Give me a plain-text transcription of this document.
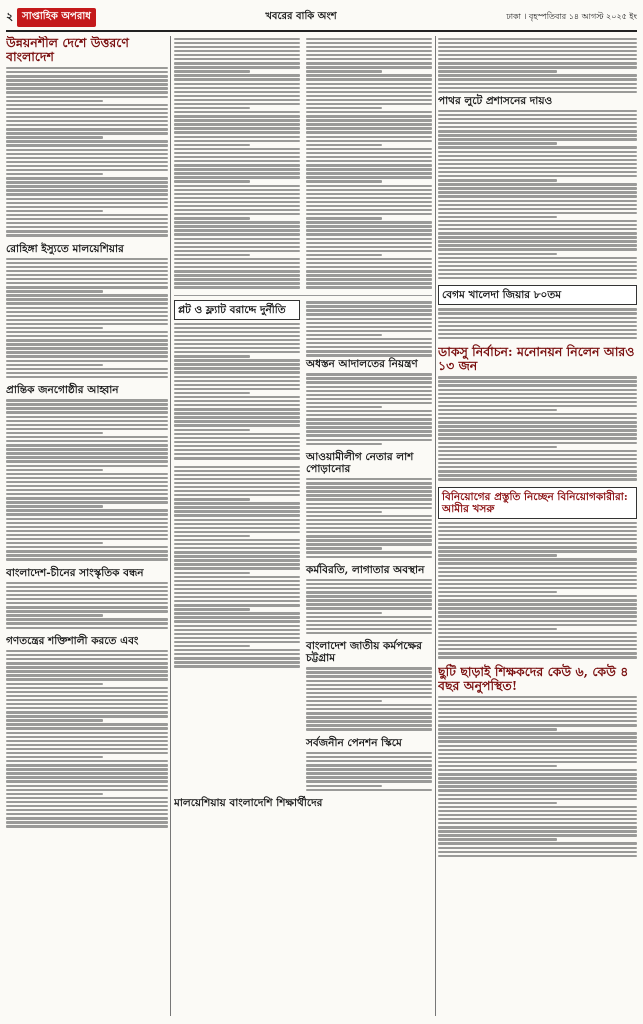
২ সাপ্তাহিক অপরাধ	খবরের বাকি অংশ	ঢাকা । বৃহস্পতিবার ১৪ আগস্ট ২০২৫ ইং
উন্নয়নশীল দেশে উত্তরণে বাংলাদেশ
রোহিঙ্গা ইস্যুতে মালয়েশিয়ার
প্রান্তিক জনগোষ্ঠীর আহ্বান
বাংলাদেশ-চীনের সাংস্কৃতিক বন্ধন
গণতন্ত্রের শক্তিশালী করতে এবং
প্লট ও ফ্ল্যাট বরাদ্দে দুর্নীতি
অধস্তন আদালতের নিয়ন্ত্রণ
আওয়ামীলীগ নেতার লাশ পোড়ানোর
কর্মবিরতি, লাগাতার অবস্থান
বাংলাদেশ জাতীয় কর্মপক্ষের চট্টগ্রাম
সর্বজনীন পেনশন স্কিমে
মালয়েশিয়ায় বাংলাদেশি শিক্ষার্থীদের
পাথর লুটে প্রশাসনের দায়ও
বেগম খালেদা জিয়ার ৮০তম
ডাকসু নির্বাচন: মনোনয়ন নিলেন আরও ১৩ জন
বিনিয়োগের প্রস্তুতি নিচ্ছেন বিনিয়োগকারীরা: আমীর খসরু
ছুটি ছাড়াই শিক্ষকদের কেউ ৬, কেউ ৪ বছর অনুপস্থিত!
